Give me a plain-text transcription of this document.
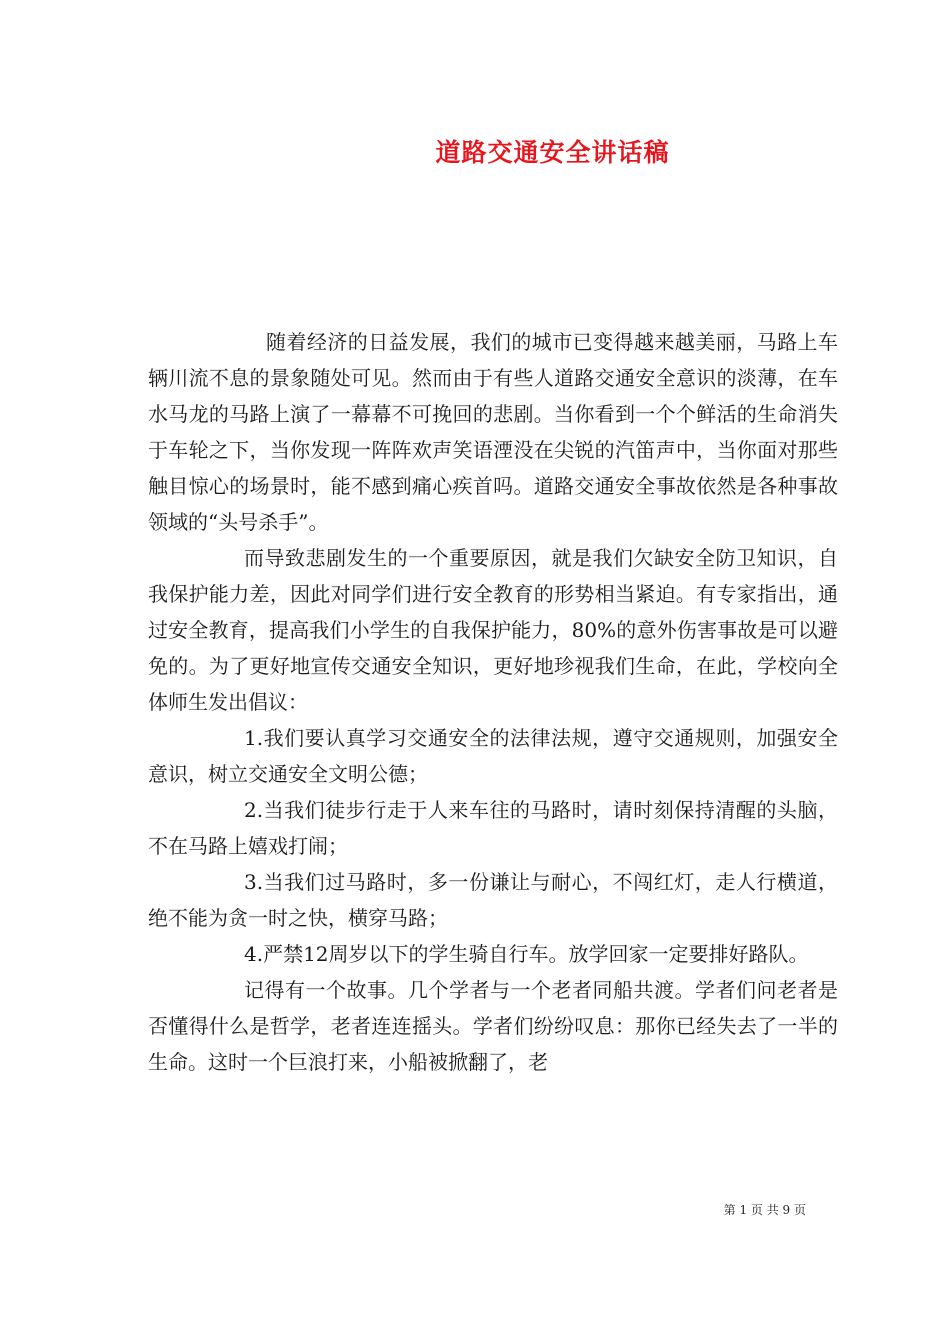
道路交通安全讲话稿

随着经济的日益发展，我们的城市已变得越来越美丽，马路上车辆川流不息的景象随处可见。然而由于有些人道路交通安全意识的淡薄，在车水马龙的马路上演了一幕幕不可挽回的悲剧。当你看到一个个鲜活的生命消失于车轮之下，当你发现一阵阵欢声笑语湮没在尖锐的汽笛声中，当你面对那些触目惊心的场景时，能不感到痛心疾首吗。道路交通安全事故依然是各种事故领域的“头号杀手”。

而导致悲剧发生的一个重要原因，就是我们欠缺安全防卫知识，自我保护能力差，因此对同学们进行安全教育的形势相当紧迫。有专家指出，通过安全教育，提高我们小学生的自我保护能力，80%的意外伤害事故是可以避免的。为了更好地宣传交通安全知识，更好地珍视我们生命，在此，学校向全体师生发出倡议：

1.我们要认真学习交通安全的法律法规，遵守交通规则，加强安全意识，树立交通安全文明公德；

2.当我们徒步行走于人来车往的马路时，请时刻保持清醒的头脑，不在马路上嬉戏打闹；

3.当我们过马路时，多一份谦让与耐心，不闯红灯，走人行横道，绝不能为贪一时之快，横穿马路；

4.严禁12周岁以下的学生骑自行车。放学回家一定要排好路队。

记得有一个故事。几个学者与一个老者同船共渡。学者们问老者是否懂得什么是哲学，老者连连摇头。学者们纷纷叹息：那你已经失去了一半的生命。这时一个巨浪打来，小船被掀翻了，老

第 1 页 共 9 页
